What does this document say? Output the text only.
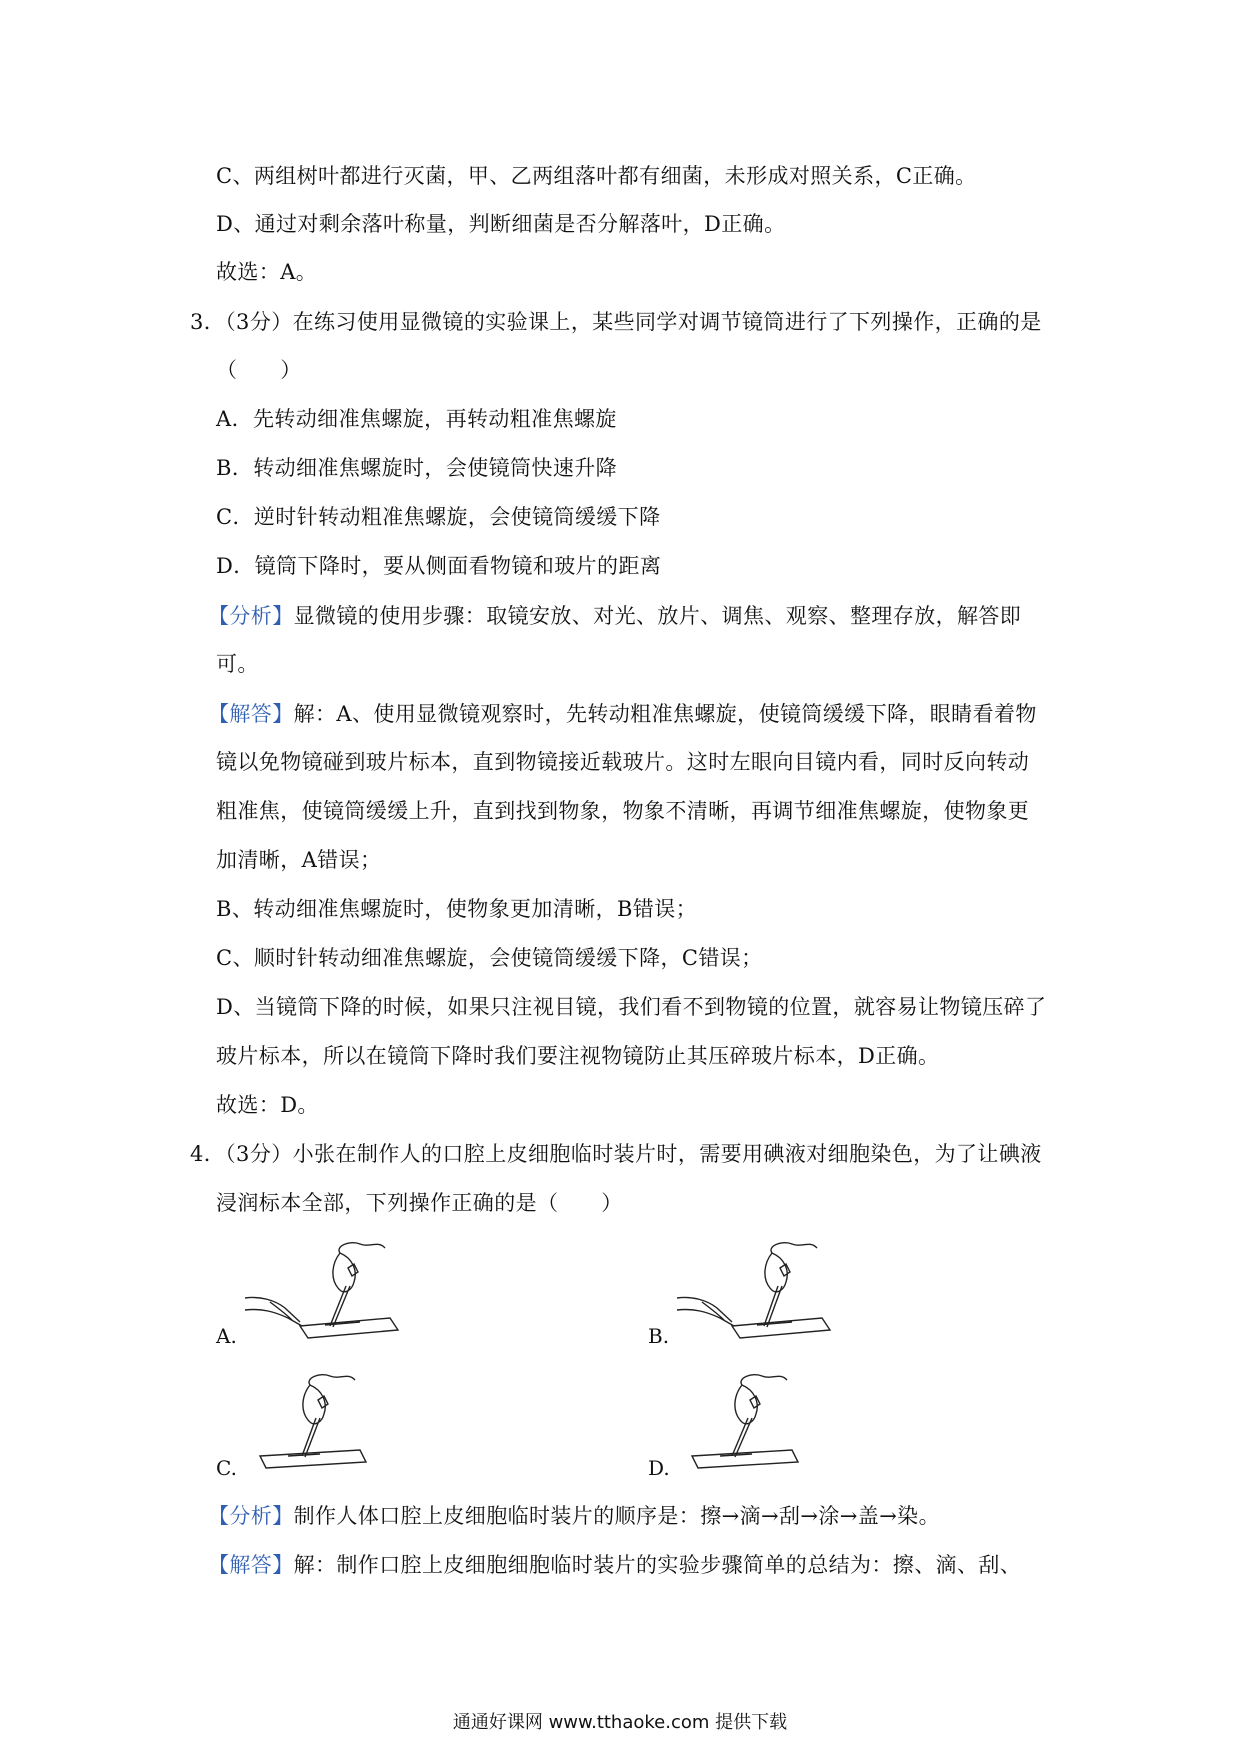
C、两组树叶都进行灭菌，甲、乙两组落叶都有细菌，未形成对照关系，C正确。
D、通过对剩余落叶称量，判断细菌是否分解落叶，D正确。
故选：A。
3．（3分）在练习使用显微镜的实验课上，某些同学对调节镜筒进行了下列操作，正确的是
（　　）
A．先转动细准焦螺旋，再转动粗准焦螺旋
B．转动细准焦螺旋时，会使镜筒快速升降
C．逆时针转动粗准焦螺旋，会使镜筒缓缓下降
D．镜筒下降时，要从侧面看物镜和玻片的距离
【分析】显微镜的使用步骤：取镜安放、对光、放片、调焦、观察、整理存放，解答即
可。
【解答】解：A、使用显微镜观察时，先转动粗准焦螺旋，使镜筒缓缓下降，眼睛看着物
镜以免物镜碰到玻片标本，直到物镜接近载玻片。这时左眼向目镜内看，同时反向转动
粗准焦，使镜筒缓缓上升，直到找到物象，物象不清晰，再调节细准焦螺旋，使物象更
加清晰，A错误；
B、转动细准焦螺旋时，使物象更加清晰，B错误；
C、顺时针转动细准焦螺旋，会使镜筒缓缓下降，C错误；
D、当镜筒下降的时候，如果只注视目镜，我们看不到物镜的位置，就容易让物镜压碎了
玻片标本，所以在镜筒下降时我们要注视物镜防止其压碎玻片标本，D正确。
故选：D。
4．（3分）小张在制作人的口腔上皮细胞临时装片时，需要用碘液对细胞染色，为了让碘液
浸润标本全部，下列操作正确的是（　　）
A.	B.
C.	D.
【分析】制作人体口腔上皮细胞临时装片的顺序是：擦→滴→刮→涂→盖→染。
【解答】解：制作口腔上皮细胞细胞临时装片的实验步骤简单的总结为：擦、滴、刮、
通通好课网 www.tthaoke.com 提供下载
